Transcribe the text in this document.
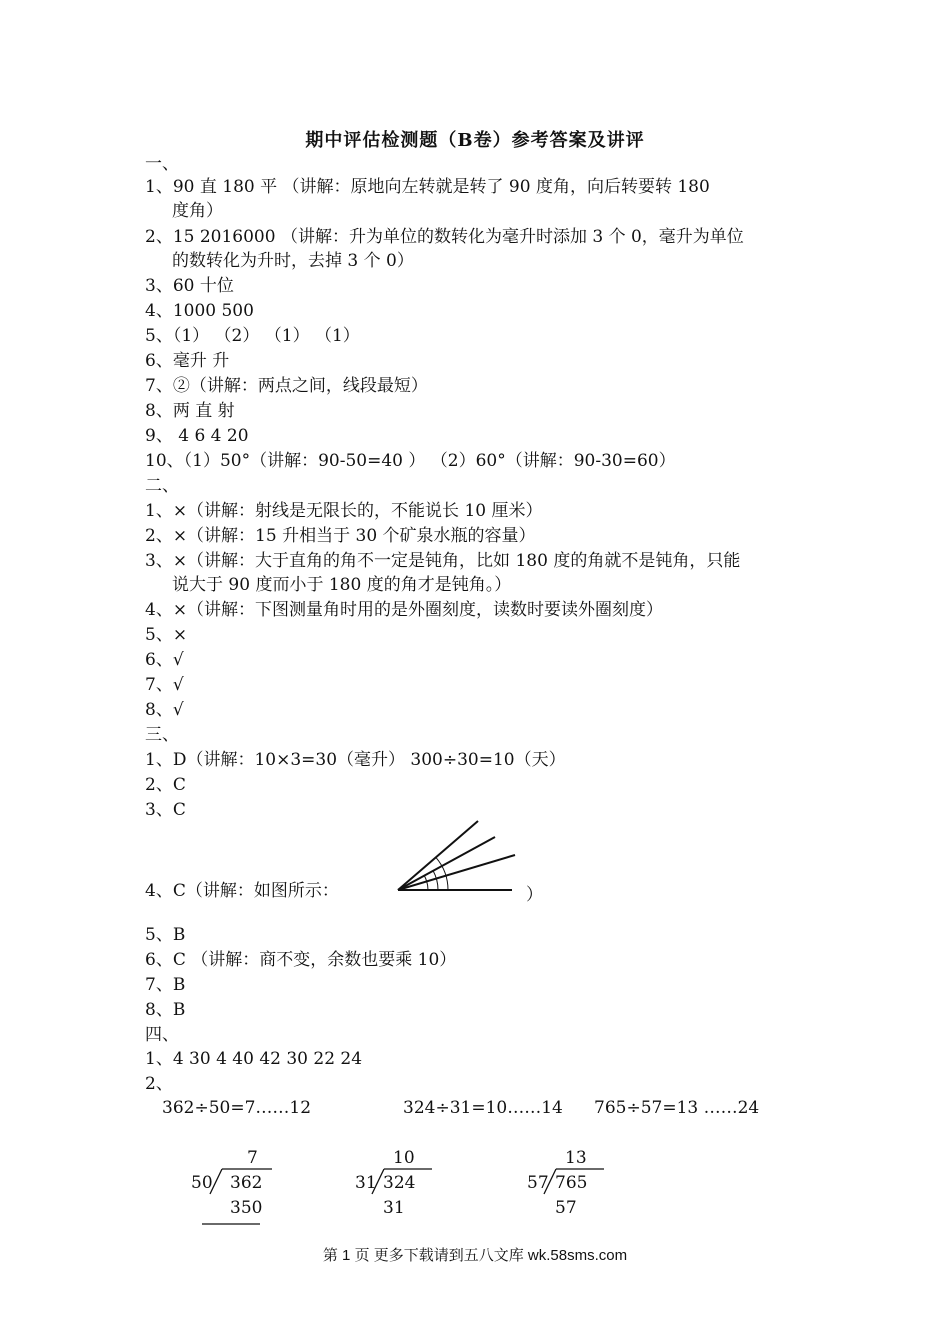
期中评估检测题（B卷）参考答案及讲评
一、
1、90 直 180 平 （讲解：原地向左转就是转了 90 度角，向后转要转 180
度角）
2、15 2016000 （讲解：升为单位的数转化为毫升时添加 3 个 0，毫升为单位
的数转化为升时，去掉 3 个 0）
3、60 十位
4、1000 500
5、（1） （2） （1） （1）
6、毫升 升
7、②（讲解：两点之间，线段最短）
8、两 直 射
9、 4 6 4 20
10、（1）50°（讲解：90-50=40 ） （2）60°（讲解：90-30=60）
二、
1、×（讲解：射线是无限长的，不能说长 10 厘米）
2、×（讲解：15 升相当于 30 个矿泉水瓶的容量）
3、×（讲解：大于直角的角不一定是钝角，比如 180 度的角就不是钝角，只能
说大于 90 度而小于 180 度的角才是钝角。）
4、×（讲解：下图测量角时用的是外圈刻度，读数时要读外圈刻度）
5、×
6、√
7、√
8、√
三、
1、D（讲解：10×3=30（毫升） 300÷30=10（天）
2、C
3、C
4、C（讲解：如图所示：	）
5、B
6、C （讲解：商不变，余数也要乘 10）
7、B
8、B
四、
1、4 30 4 40 42 30 22 24
2、
362÷50=7……12	324÷31=10……14 765÷57=13 ……24
7
50 362
350
10
31 324
31
13
57 765
57
第 1 页 更多下载请到五八文库 wk.58sms.com
